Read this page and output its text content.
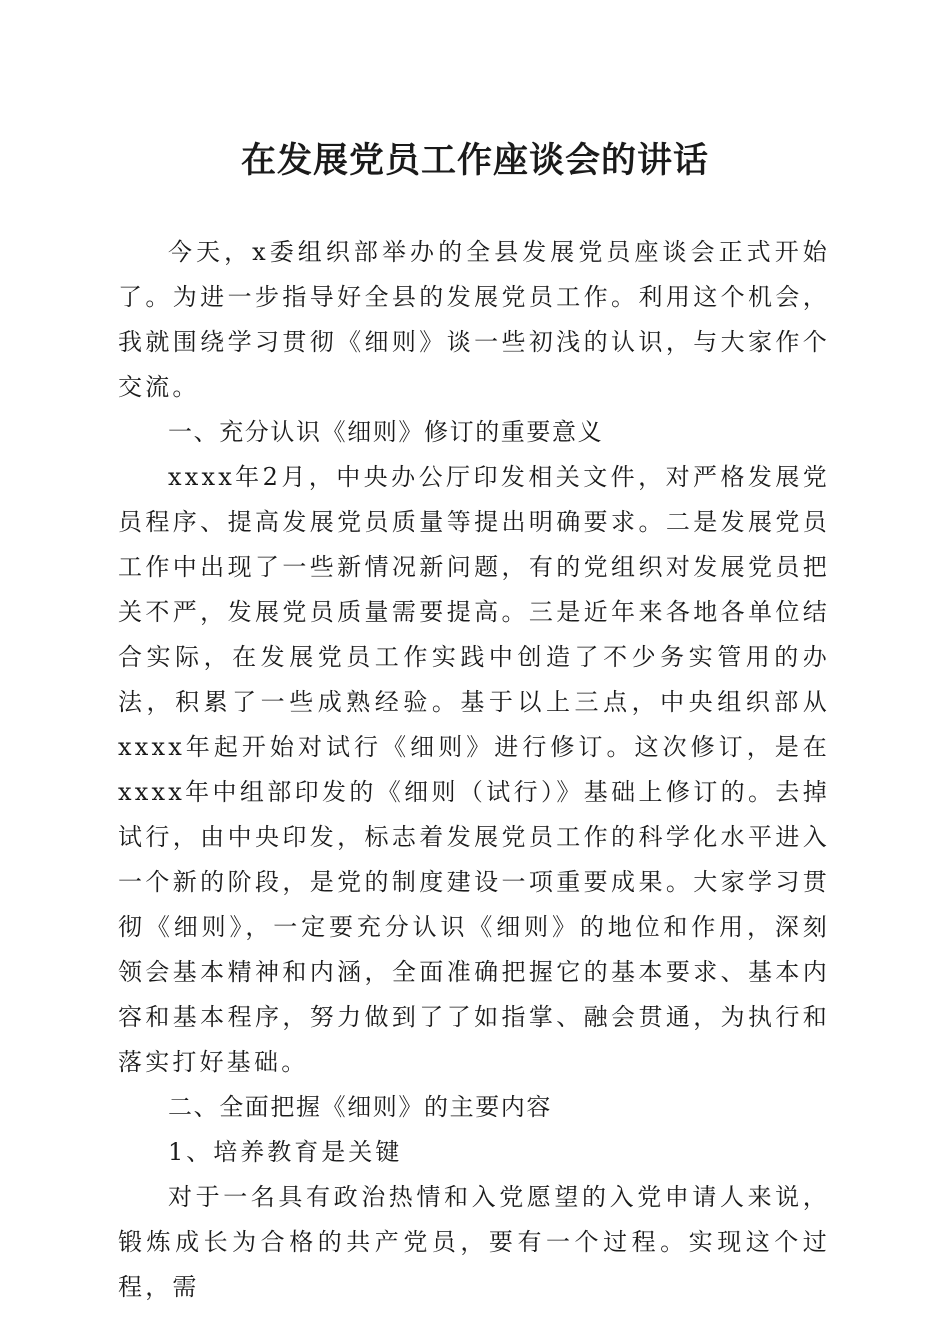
在发展党员工作座谈会的讲话

今天，x委组织部举办的全县发展党员座谈会正式开始了。为进一步指导好全县的发展党员工作。利用这个机会，我就围绕学习贯彻《细则》谈一些初浅的认识，与大家作个交流。

一、充分认识《细则》修订的重要意义

xxxx年2月，中央办公厅印发相关文件，对严格发展党员程序、提高发展党员质量等提出明确要求。二是发展党员工作中出现了一些新情况新问题，有的党组织对发展党员把关不严，发展党员质量需要提高。三是近年来各地各单位结合实际，在发展党员工作实践中创造了不少务实管用的办法，积累了一些成熟经验。基于以上三点，中央组织部从xxxx年起开始对试行《细则》进行修订。这次修订，是在xxxx年中组部印发的《细则（试行）》基础上修订的。去掉试行，由中央印发，标志着发展党员工作的科学化水平进入一个新的阶段，是党的制度建设一项重要成果。大家学习贯彻《细则》，一定要充分认识《细则》的地位和作用，深刻领会基本精神和内涵，全面准确把握它的基本要求、基本内容和基本程序，努力做到了了如指掌、融会贯通，为执行和落实打好基础。

二、全面把握《细则》的主要内容

1、培养教育是关键

对于一名具有政治热情和入党愿望的入党申请人来说，锻炼成长为合格的共产党员，要有一个过程。实现这个过程，需
